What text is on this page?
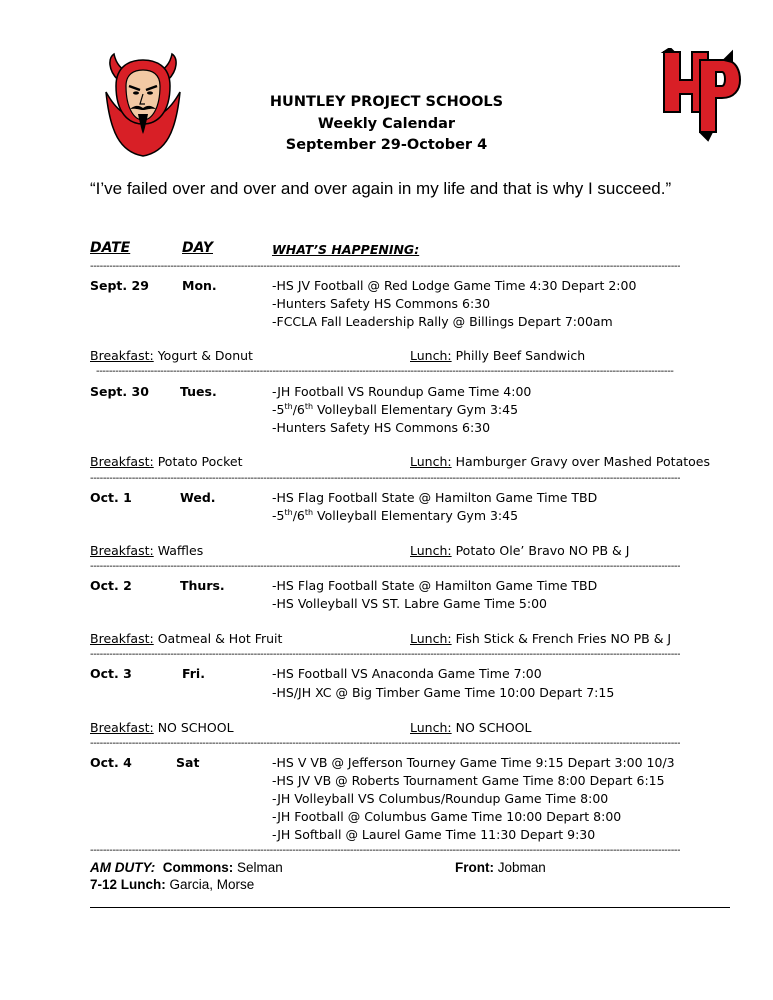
HP
HUNTLEY PROJECT SCHOOLS
Weekly Calendar
September 29-October 4
“I’ve failed over and over and over again in my life and that is why I succeed.”
DATE	DAY	WHAT’S HAPPENING:
-----
Sept. 29	Mon.	-HS JV Football @ Red Lodge Game Time 4:30 Depart 2:00
-Hunters Safety HS Commons 6:30
-FCCLA Fall Leadership Rally @ Billings Depart 7:00am
Breakfast: Yogurt & Donut	Lunch: Philly Beef Sandwich
-----
Sept. 30 Tues.	-JH Football VS Roundup Game Time 4:00
-5th/6th Volleyball Elementary Gym 3:45
-Hunters Safety HS Commons 6:30
Breakfast: Potato Pocket	Lunch: Hamburger Gravy over Mashed Potatoes
-----
Oct. 1	Wed.	-HS Flag Football State @ Hamilton Game Time TBD
-5th/6th Volleyball Elementary Gym 3:45
Breakfast: Waffles	Lunch: Potato Ole’ Bravo NO PB & J
-----
Oct. 2	Thurs.	-HS Flag Football State @ Hamilton Game Time TBD
-HS Volleyball VS ST. Labre Game Time 5:00
Breakfast: Oatmeal & Hot Fruit	Lunch: Fish Stick & French Fries NO PB & J
-----
Oct. 3	Fri.	-HS Football VS Anaconda Game Time 7:00
-HS/JH XC @ Big Timber Game Time 10:00 Depart 7:15
Breakfast: NO SCHOOL	Lunch: NO SCHOOL
-----
Oct. 4	Sat	-HS V VB @ Jefferson Tourney Game Time 9:15 Depart 3:00 10/3
-HS JV VB @ Roberts Tournament Game Time 8:00 Depart 6:15
-JH Volleyball VS Columbus/Roundup Game Time 8:00
-JH Football @ Columbus Game Time 10:00 Depart 8:00
-JH Softball @ Laurel Game Time 11:30 Depart 9:30
-----
AM DUTY: Commons: Selman	Front: Jobman
7-12 Lunch: Garcia, Morse
